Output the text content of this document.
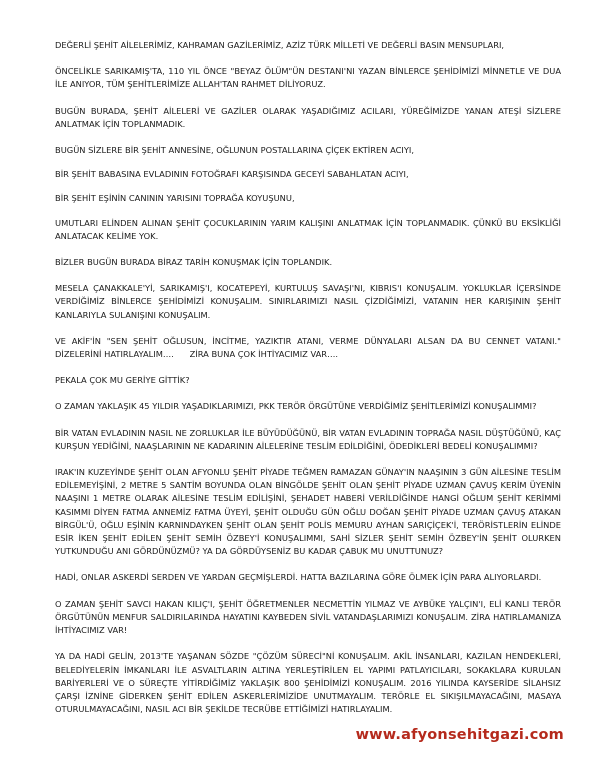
DEĞERLİ ŞEHİT AİLELERİMİZ, KAHRAMAN GAZİLERİMİZ, AZİZ TÜRK MİLLETİ VE DEĞERLİ BASIN MENSUPLARI,

ÖNCELİKLE SARIKAMIŞ'TA, 110 YIL ÖNCE "BEYAZ ÖLÜM"ÜN DESTANI'NI YAZAN BİNLERCE ŞEHİDİMİZİ MİNNETLE VE DUA İLE ANIYOR, TÜM ŞEHİTLERİMİZE ALLAH'TAN RAHMET DİLİYORUZ.

BUGÜN BURADA, ŞEHİT AİLELERİ VE GAZİLER OLARAK YAŞADIĞIMIZ ACILARI, YÜREĞİMİZDE YANAN ATEŞİ SİZLERE ANLATMAK İÇİN TOPLANMADIK.

BUGÜN SİZLERE BİR ŞEHİT ANNESİNE, OĞLUNUN POSTALLARINA ÇİÇEK EKTİREN ACIYI,

BİR ŞEHİT BABASINA EVLADININ FOTOĞRAFI KARŞISINDA GECEYİ SABAHLATAN ACIYI,

BİR ŞEHİT EŞİNİN CANININ YARISINI TOPRAĞA KOYUŞUNU,

UMUTLARI ELİNDEN ALINAN ŞEHİT ÇOCUKLARININ YARIM KALIŞINI ANLATMAK İÇİN TOPLANMADIK. ÇÜNKÜ BU EKSİKLİĞİ ANLATACAK KELİME YOK.

BİZLER BUGÜN BURADA BİRAZ TARİH KONUŞMAK İÇİN TOPLANDIK.

MESELA ÇANAKKALE'Yİ, SARIKAMIŞ'I, KOCATEPEYİ, KURTULUŞ SAVAŞI'NI, KIBRIS'I KONUŞALIM. YOKLUKLAR İÇERSİNDE VERDİĞİMİZ BİNLERCE ŞEHİDİMİZİ KONUŞALIM. SINIRLARIMIZI NASIL ÇİZDİĞİMİZİ, VATANIN HER KARIŞININ ŞEHİT KANLARIYLA SULANIŞINI KONUŞALIM.

VE AKİF'İN "SEN ŞEHİT OĞLUSUN, İNCİTME, YAZIKTIR ATANI, VERME DÜNYALARI ALSAN DA BU CENNET VATANI." DİZELERİNİ HATIRLAYALIM….      ZİRA BUNA ÇOK İHTİYACIMIZ VAR….

PEKALA ÇOK MU GERİYE GİTTİK?

O ZAMAN YAKLAŞIK 45 YILDIR YAŞADIKLARIMIZI, PKK TERÖR ÖRGÜTÜNE VERDİĞİMİZ ŞEHİTLERİMİZİ KONUŞALIMMI?

BİR VATAN EVLADININ NASIL NE ZORLUKLAR İLE BÜYÜDÜĞÜNÜ, BİR VATAN EVLADININ TOPRAĞA NASIL DÜŞTÜĞÜNÜ, KAÇ KURŞUN YEDİĞİNİ, NAAŞLARININ NE KADARININ AİLELERİNE TESLİM EDİLDİĞİNİ, ÖDEDİKLERİ BEDELİ KONUŞALIMMI?

IRAK'IN KUZEYİNDE ŞEHİT OLAN AFYONLU ŞEHİT PİYADE TEĞMEN RAMAZAN GÜNAY'IN NAAŞININ 3 GÜN AİLESİNE TESLİM EDİLEMEYİŞİNİ, 2 METRE 5 SANTİM BOYUNDA OLAN BİNGÖLDE ŞEHİT OLAN ŞEHİT PİYADE UZMAN ÇAVUŞ KERİM ÜYENİN NAAŞINI 1 METRE OLARAK AİLESİNE TESLİM EDİLİŞİNİ, ŞEHADET HABERİ VERİLDİĞİNDE HANGİ OĞLUM ŞEHİT KERİMMİ KASIMMI DİYEN FATMA ANNEMİZ FATMA ÜYEYİ, ŞEHİT OLDUĞU GÜN OĞLU DOĞAN ŞEHİT PİYADE UZMAN ÇAVUŞ ATAKAN BİRGÜL'Ü, OĞLU EŞİNİN KARNINDAYKEN ŞEHİT OLAN ŞEHİT POLİS MEMURU AYHAN SARIÇİÇEK'İ, TERÖRİSTLERİN ELİNDE ESİR İKEN ŞEHİT EDİLEN ŞEHİT SEMİH ÖZBEY'İ KONUŞALIMMI, SAHİ SİZLER ŞEHİT SEMİH ÖZBEY'İN ŞEHİT OLURKEN YUTKUNDUĞU ANI GÖRDÜNÜZMÜ? YA DA GÖRDÜYSENİZ BU KADAR ÇABUK MU UNUTTUNUZ?

HADİ, ONLAR ASKERDİ SERDEN VE YARDAN GEÇMİŞLERDİ. HATTA BAZILARINA GÖRE ÖLMEK İÇİN PARA ALIYORLARDI.

O ZAMAN ŞEHİT SAVCI HAKAN KILIÇ'I, ŞEHİT ÖĞRETMENLER NECMETTİN YILMAZ VE AYBÜKE YALÇIN'I, ELİ KANLI TERÖR ÖRGÜTÜNÜN MENFUR SALDIRILARINDA HAYATINI KAYBEDEN SİVİL VATANDAŞLARIMIZI KONUŞALIM. ZİRA HATIRLAMANIZA İHTİYACIMIZ VAR!

YA DA HADİ GELİN, 2013'TE YAŞANAN SÖZDE "ÇÖZÜM SÜRECİ"Nİ KONUŞALIM. AKİL İNSANLARI, KAZILAN HENDEKLERİ, BELEDİYELERİN İMKANLARI İLE ASVALTLARIN ALTINA YERLEŞTİRİLEN EL YAPIMI PATLAYICILARI, SOKAKLARA KURULAN BARİYERLERİ VE O SÜREÇTE YİTİRDİĞİMİZ YAKLAŞIK 800 ŞEHİDİMİZİ KONUŞALIM. 2016 YILINDA KAYSERİDE SİLAHSIZ ÇARŞI İZNİNE GİDERKEN ŞEHİT EDİLEN ASKERLERİMİZİDE UNUTMAYALIM. TERÖRLE EL SIKIŞILMAYACAĞINI, MASAYA OTURULMAYACAĞINI, NASIL ACI BİR ŞEKİLDE TECRÜBE ETTİĞİMİZİ HATIRLAYALIM.

www.afyonsehitgazi.com
